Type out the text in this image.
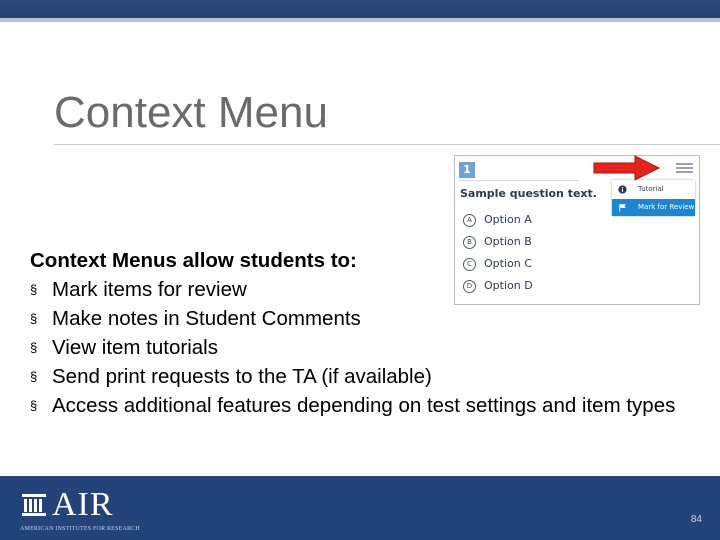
Context Menu
1
Sample question text.
A	Option A
B	Option B
C	Option C
D	Option D
Tutorial
Mark for Review
Context Menus allow students to:
§ Mark items for review
§ Make notes in Student Comments
§ View item tutorials
§ Send print requests to the TA (if available)
§ Access additional features depending on test settings and item types
AIR
AMERICAN INSTITUTES FOR RESEARCH
84
